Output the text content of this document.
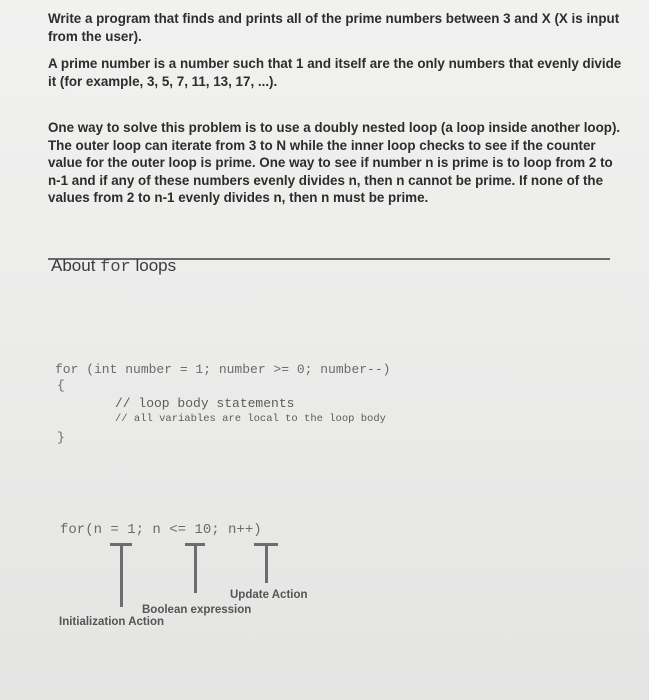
Write a program that finds and prints all of the prime numbers between 3 and X (X is input from the user).

A prime number is a number such that 1 and itself are the only numbers that evenly divide it (for example, 3, 5, 7, 11, 13, 17, ...).

One way to solve this problem is to use a doubly nested loop (a loop inside another loop). The outer loop can iterate from 3 to N while the inner loop checks to see if the counter value for the outer loop is prime. One way to see if number n is prime is to loop from 2 to n-1 and if any of these numbers evenly divides n, then n cannot be prime. If none of the values from 2 to n-1 evenly divides n, then n must be prime.

About for loops
for (int number = 1; number >= 0; number--)
{
// loop body statements
// all variables are local to the loop body
}
for(n = 1; n <= 10; n++)
Update Action
Boolean expression
Initialization Action
